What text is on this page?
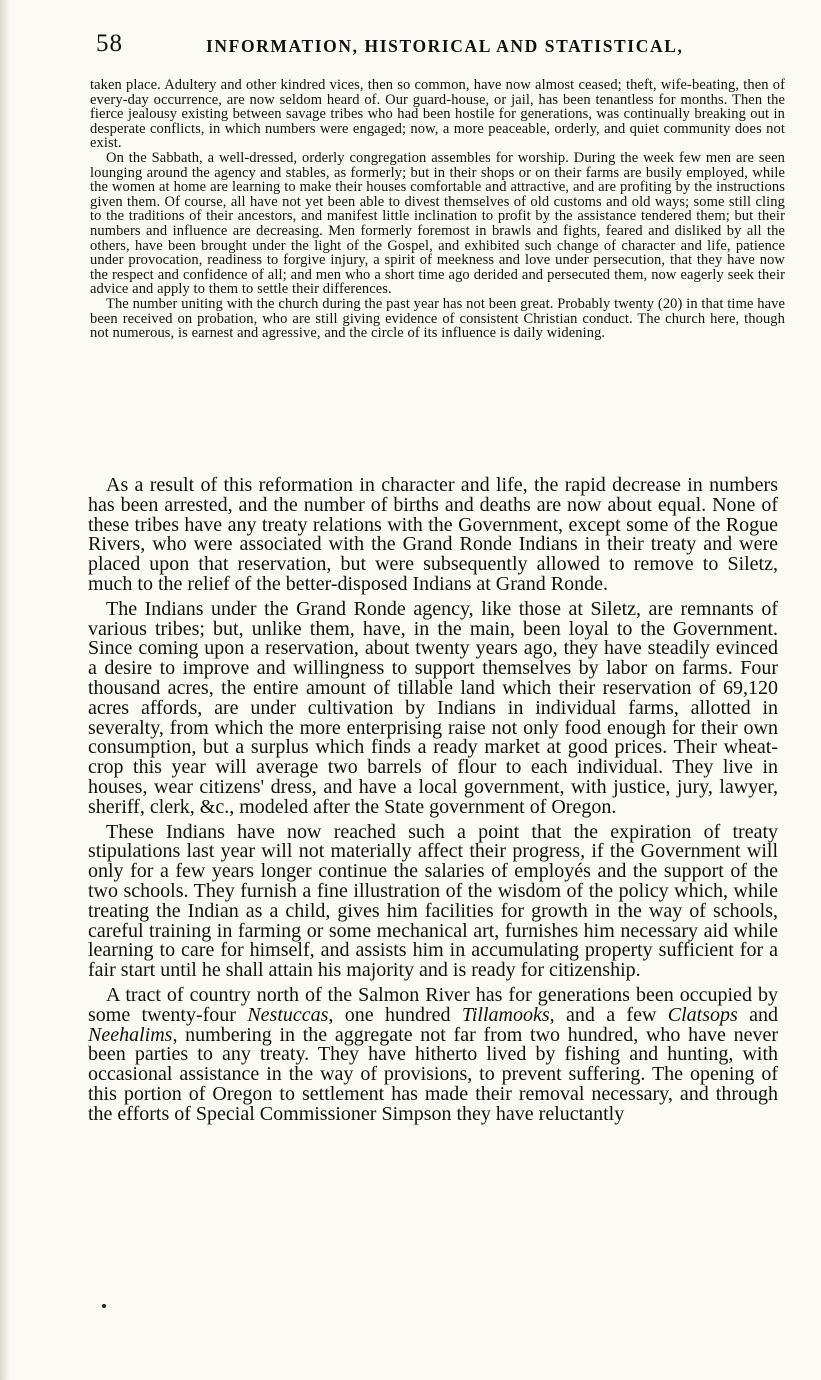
58	INFORMATION, HISTORICAL AND STATISTICAL,

taken place. Adultery and other kindred vices, then so common, have now almost ceased; theft, wife-beating, then of every-day occurrence, are now seldom heard of. Our guard-house, or jail, has been tenantless for months. Then the fierce jealousy existing between savage tribes who had been hostile for generations, was continually breaking out in desperate conflicts, in which numbers were engaged; now, a more peaceable, orderly, and quiet community does not exist.

On the Sabbath, a well-dressed, orderly congregation assembles for worship. During the week few men are seen lounging around the agency and stables, as formerly; but in their shops or on their farms are busily employed, while the women at home are learning to make their houses comfortable and attractive, and are profiting by the instructions given them. Of course, all have not yet been able to divest themselves of old customs and old ways; some still cling to the traditions of their ancestors, and manifest little inclination to profit by the assistance tendered them; but their numbers and influence are decreasing. Men formerly foremost in brawls and fights, feared and disliked by all the others, have been brought under the light of the Gospel, and exhibited such change of character and life, patience under provocation, readiness to forgive injury, a spirit of meekness and love under persecution, that they have now the respect and confidence of all; and men who a short time ago derided and persecuted them, now eagerly seek their advice and apply to them to settle their differences.

The number uniting with the church during the past year has not been great. Probably twenty (20) in that time have been received on probation, who are still giving evidence of consistent Christian conduct. The church here, though not numerous, is earnest and agressive, and the circle of its influence is daily widening.

As a result of this reformation in character and life, the rapid decrease in numbers has been arrested, and the number of births and deaths are now about equal. None of these tribes have any treaty relations with the Government, except some of the Rogue Rivers, who were associated with the Grand Ronde Indians in their treaty and were placed upon that reservation, but were subsequently allowed to remove to Siletz, much to the relief of the better-disposed Indians at Grand Ronde.

The Indians under the Grand Ronde agency, like those at Siletz, are remnants of various tribes; but, unlike them, have, in the main, been loyal to the Government. Since coming upon a reservation, about twenty years ago, they have steadily evinced a desire to improve and willingness to support themselves by labor on farms. Four thousand acres, the entire amount of tillable land which their reservation of 69,120 acres affords, are under cultivation by Indians in individual farms, allotted in severalty, from which the more enterprising raise not only food enough for their own consumption, but a surplus which finds a ready market at good prices. Their wheat-crop this year will average two barrels of flour to each individual. They live in houses, wear citizens' dress, and have a local government, with justice, jury, lawyer, sheriff, clerk, &c., modeled after the State government of Oregon.

These Indians have now reached such a point that the expiration of treaty stipulations last year will not materially affect their progress, if the Government will only for a few years longer continue the salaries of employés and the support of the two schools. They furnish a fine illustration of the wisdom of the policy which, while treating the Indian as a child, gives him facilities for growth in the way of schools, careful training in farming or some mechanical art, furnishes him necessary aid while learning to care for himself, and assists him in accumulating property sufficient for a fair start until he shall attain his majority and is ready for citizenship.

A tract of country north of the Salmon River has for generations been occupied by some twenty-four Nestuccas, one hundred Tillamooks, and a few Clatsops and Neehalims, numbering in the aggregate not far from two hundred, who have never been parties to any treaty. They have hitherto lived by fishing and hunting, with occasional assistance in the way of provisions, to prevent suffering. The opening of this portion of Oregon to settlement has made their removal necessary, and through the efforts of Special Commissioner Simpson they have reluctantly
